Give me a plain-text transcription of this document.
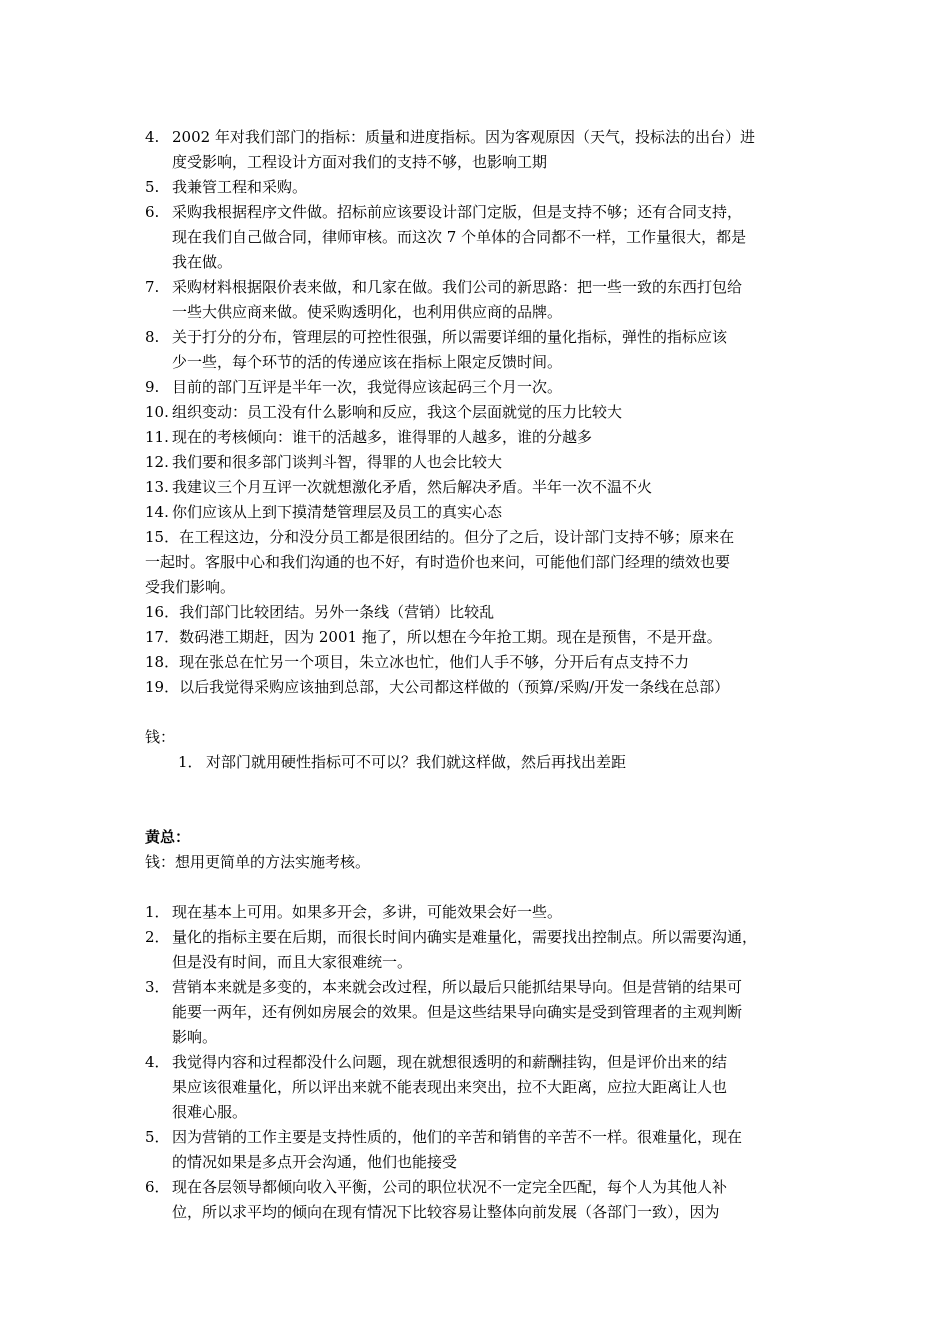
4. 2002 年对我们部门的指标：质量和进度指标。因为客观原因（天气，投标法的出台）进
度受影响，工程设计方面对我们的支持不够，也影响工期
5. 我兼管工程和采购。
6. 采购我根据程序文件做。招标前应该要设计部门定版，但是支持不够；还有合同支持，
现在我们自己做合同，律师审核。而这次 7 个单体的合同都不一样，工作量很大，都是
我在做。
7. 采购材料根据限价表来做，和几家在做。我们公司的新思路：把一些一致的东西打包给
一些大供应商来做。使采购透明化，也利用供应商的品牌。
8. 关于打分的分布，管理层的可控性很强，所以需要详细的量化指标，弹性的指标应该
少一些，每个环节的活的传递应该在指标上限定反馈时间。
9. 目前的部门互评是半年一次，我觉得应该起码三个月一次。
10. 组织变动：员工没有什么影响和反应，我这个层面就觉的压力比较大
11. 现在的考核倾向：谁干的活越多，谁得罪的人越多，谁的分越多
12. 我们要和很多部门谈判斗智，得罪的人也会比较大
13. 我建议三个月互评一次就想激化矛盾，然后解决矛盾。半年一次不温不火
14. 你们应该从上到下摸清楚管理层及员工的真实心态
15．在工程这边，分和没分员工都是很团结的。但分了之后，设计部门支持不够；原来在
一起时。客服中心和我们沟通的也不好，有时造价也来问，可能他们部门经理的绩效也要
受我们影响。
16．我们部门比较团结。另外一条线（营销）比较乱
17．数码港工期赶，因为 2001 拖了，所以想在今年抢工期。现在是预售，不是开盘。
18．现在张总在忙另一个项目，朱立冰也忙，他们人手不够，分开后有点支持不力
19．以后我觉得采购应该抽到总部，大公司都这样做的（预算/采购/开发一条线在总部）
钱：
1． 对部门就用硬性指标可不可以？我们就这样做，然后再找出差距
黄总：
钱：想用更简单的方法实施考核。
1． 现在基本上可用。如果多开会，多讲，可能效果会好一些。
2． 量化的指标主要在后期，而很长时间内确实是难量化，需要找出控制点。所以需要沟通，
但是没有时间，而且大家很难统一。
3． 营销本来就是多变的，本来就会改过程，所以最后只能抓结果导向。但是营销的结果可
能要一两年，还有例如房展会的效果。但是这些结果导向确实是受到管理者的主观判断
影响。
4． 我觉得内容和过程都没什么问题，现在就想很透明的和薪酬挂钩，但是评价出来的结
果应该很难量化，所以评出来就不能表现出来突出，拉不大距离，应拉大距离让人也
很难心服。
5． 因为营销的工作主要是支持性质的，他们的辛苦和销售的辛苦不一样。很难量化，现在
的情况如果是多点开会沟通，他们也能接受
6． 现在各层领导都倾向收入平衡，公司的职位状况不一定完全匹配，每个人为其他人补
位，所以求平均的倾向在现有情况下比较容易让整体向前发展（各部门一致），因为
